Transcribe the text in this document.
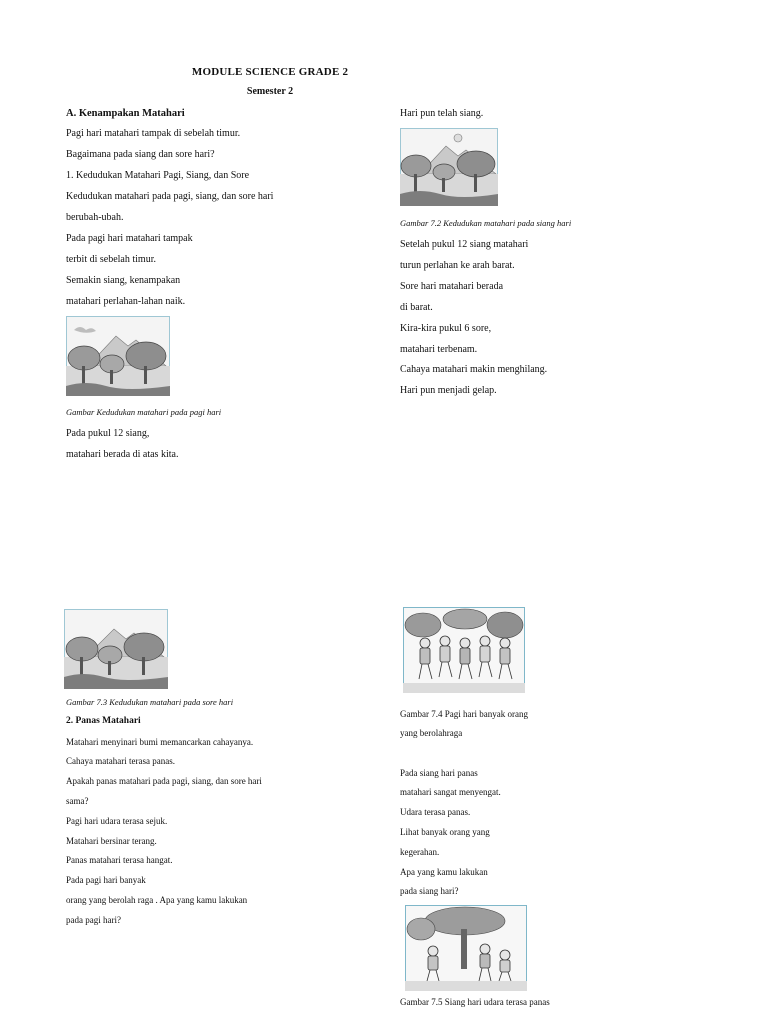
MODULE SCIENCE GRADE 2
Semester 2
A. Kenampakan Matahari
Pagi hari matahari tampak di sebelah timur.
Bagaimana pada siang dan sore hari?
1. Kedudukan Matahari Pagi, Siang, dan Sore
Kedudukan matahari pada pagi, siang, dan sore hari
berubah-ubah.
Pada pagi hari matahari tampak
terbit di sebelah timur.
Semakin siang, kenampakan
matahari perlahan-lahan naik.
Gambar Kedudukan matahari pada pagi hari
Pada pukul 12 siang,
matahari berada di atas kita.
Hari pun telah siang.
Gambar 7.2 Kedudukan matahari pada siang hari
Setelah pukul 12 siang matahari
turun perlahan ke arah barat.
Sore hari matahari berada
di barat.
Kira-kira pukul 6 sore,
matahari terbenam.
Cahaya matahari makin menghilang.
Hari pun menjadi gelap.
Gambar 7.3 Kedudukan matahari pada sore hari
2. Panas Matahari
Matahari menyinari bumi memancarkan cahayanya.
Cahaya matahari terasa panas.
Apakah panas matahari pada pagi, siang, dan sore hari
sama?
Pagi hari udara terasa sejuk.
Matahari bersinar terang.
Panas matahari terasa hangat.
Pada pagi hari banyak
orang yang berolah raga . Apa yang kamu lakukan
pada pagi hari?
Gambar 7.4 Pagi hari banyak orang
yang berolahraga
Pada siang hari panas
matahari sangat menyengat.
Udara terasa panas.
Lihat banyak orang yang
kegerahan.
Apa yang kamu lakukan
pada siang hari?
Gambar 7.5 Siang hari udara terasa panas
